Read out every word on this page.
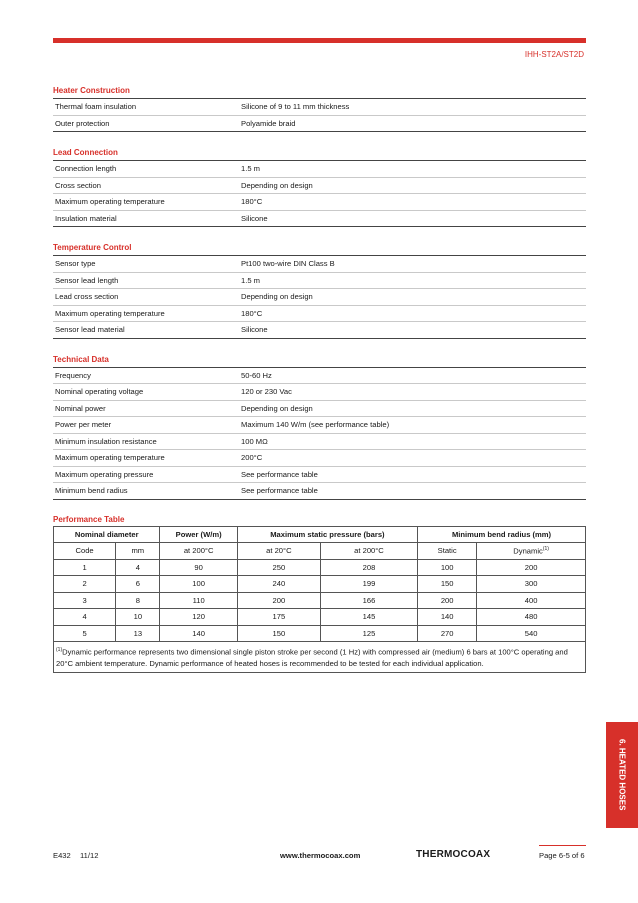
IHH-ST2A/ST2D
Heater Construction
Thermal foam insulation	Silicone of 9 to 11 mm thickness
Outer protection	Polyamide braid
Lead Connection
Connection length	1.5 m
Cross section	Depending on design
Maximum operating temperature	180°C
Insulation material	Silicone
Temperature Control
Sensor type	Pt100 two-wire DIN Class B
Sensor lead length	1.5 m
Lead cross section	Depending on design
Maximum operating temperature	180°C
Sensor lead material	Silicone
Technical Data
Frequency	50-60 Hz
Nominal operating voltage	120 or 230 Vac
Nominal power	Depending on design
Power per meter	Maximum 140 W/m (see performance table)
Minimum insulation resistance	100 MΩ
Maximum operating temperature	200°C
Maximum operating pressure	See performance table
Minimum bend radius	See performance table
Performance Table
Nominal diameter		Power (W/m)	Maximum static pressure (bars)		Minimum bend radius (mm)	
Code	mm	at 200°C	at 20°C	at 200°C	Static	Dynamic$^{(1)}$
1	4	90	250	208	100	200
2	6	100	240	199	150	300
3	8	110	200	166	200	400
4	10	120	175	145	140	480
5	13	140	150	125	270	540
$^{(1)}$Dynamic performance represents two dimensional single piston stroke per second (1 Hz) with compressed air (medium) 6 bars at 100°C operating and 20°C ambient temperature. Dynamic performance of heated hoses is recommended to be tested for each individual application.						
6. HEATED HOSES
E432 11/12	www.thermocoax.com	THERMOCOAX	Page 6-5 of 6
